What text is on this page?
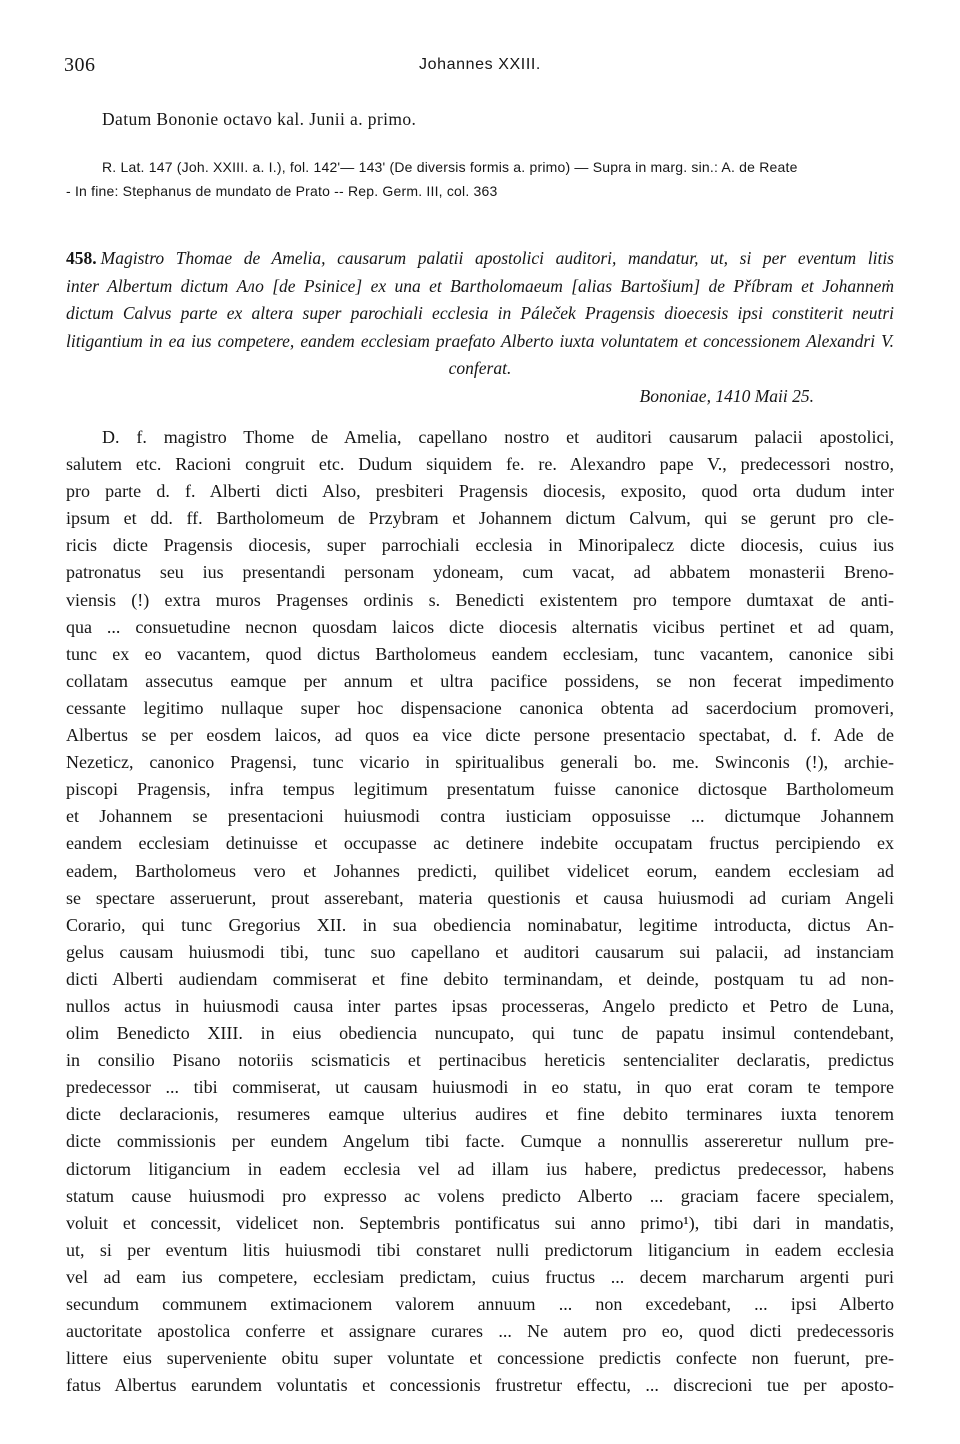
306	Johannes XXIII.
Datum Bononie octavo kal. Junii a. primo.

R. Lat. 147 (Joh. XXIII. a. I.), fol. 142'— 143' (De diversis formis a. primo) — Supra in marg. sin.: A. de Reate

- In fine: Stephanus de mundato de Prato -- Rep. Germ. III, col. 363

458. Magistro Thomae de Amelia, causarum palatii apostolici auditori, mandatur, ut, si per eventum litis

inter Albertum dictum Ало [de Psinice] ex una et Bartholomaeum [alias Bartošium] de Příbram et Johanneṁ

dictum Calvus parte ex altera super parochiali ecclesia in Páleček Pragensis dioecesis ipsi constiterit neutri

litigantium in ea ius competere, eandem ecclesiam praefato Alberto iuxta voluntatem et concessionem Alexandri V.

conferat.

Bononiae, 1410 Maii 25.

D. f. magistro Thome de Amelia, capellano nostro et auditori causarum palacii apostolici,

salutem etc. Racioni congruit etc. Dudum siquidem fe. re. Alexandro pape V., predecessori nostro,

pro parte d. f. Alberti dicti Also, presbiteri Pragensis diocesis, exposito, quod orta dudum inter

ipsum et dd. ff. Bartholomeum de Przybram et Johannem dictum Calvum, qui se gerunt pro cle-

ricis dicte Pragensis diocesis, super parrochiali ecclesia in Minoripalecz dicte diocesis, cuius ius

patronatus seu ius presentandi personam ydoneam, cum vacat, ad abbatem monasterii Breno-

viensis (!) extra muros Pragenses ordinis s. Benedicti existentem pro tempore dumtaxat de anti-

qua ... consuetudine necnon quosdam laicos dicte diocesis alternatis vicibus pertinet et ad quam,

tunc ex eo vacantem, quod dictus Bartholomeus eandem ecclesiam, tunc vacantem, canonice sibi

collatam assecutus eamque per annum et ultra pacifice possidens, se non fecerat impedimento

cessante legitimo nullaque super hoc dispensacione canonica obtenta ad sacerdocium promoveri,

Albertus se per eosdem laicos, ad quos ea vice dicte persone presentacio spectabat, d. f. Ade de

Nezeticz, canonico Pragensi, tunc vicario in spiritualibus generali bo. me. Swinconis (!), archie-

piscopi Pragensis, infra tempus legitimum presentatum fuisse canonice dictosque Bartholomeum

et Johannem se presentacioni huiusmodi contra iusticiam opposuisse ... dictumque Johannem

eandem ecclesiam detinuisse et occupasse ac detinere indebite occupatam fructus percipiendo ex

eadem, Bartholomeus vero et Johannes predicti, quilibet videlicet eorum, eandem ecclesiam ad

se spectare asseruerunt, prout asserebant, materia questionis et causa huiusmodi ad curiam Angeli

Corario, qui tunc Gregorius XII. in sua obediencia nominabatur, legitime introducta, dictus An-

gelus causam huiusmodi tibi, tunc suo capellano et auditori causarum sui palacii, ad instanciam

dicti Alberti audiendam commiserat et fine debito terminandam, et deinde, postquam tu ad non-

nullos actus in huiusmodi causa inter partes ipsas processeras, Angelo predicto et Petro de Luna,

olim Benedicto XIII. in eius obediencia nuncupato, qui tunc de papatu insimul contendebant,

in consilio Pisano notoriis scismaticis et pertinacibus hereticis sentencialiter declaratis, predictus

predecessor ... tibi commiserat, ut causam huiusmodi in eo statu, in quo erat coram te tempore

dicte declaracionis, resumeres eamque ulterius audires et fine debito terminares iuxta tenorem

dicte commissionis per eundem Angelum tibi facte. Cumque a nonnullis assereretur nullum pre-

dictorum litigancium in eadem ecclesia vel ad illam ius habere, predictus predecessor, habens

statum cause huiusmodi pro expresso ac volens predicto Alberto ... graciam facere specialem,

voluit et concessit, videlicet non. Septembris pontificatus sui anno primo¹), tibi dari in mandatis,

ut, si per eventum litis huiusmodi tibi constaret nulli predictorum litigancium in eadem ecclesia

vel ad eam ius competere, ecclesiam predictam, cuius fructus ... decem marcharum argenti puri

secundum communem extimacionem valorem annuum ... non excedebant, ... ipsi Alberto

auctoritate apostolica conferre et assignare curares ... Ne autem pro eo, quod dicti predecessoris

littere eius superveniente obitu super voluntate et concessione predictis confecte non fuerunt, pre-

fatus Albertus earundem voluntatis et concessionis frustretur effectu, ... discrecioni tue per aposto-
